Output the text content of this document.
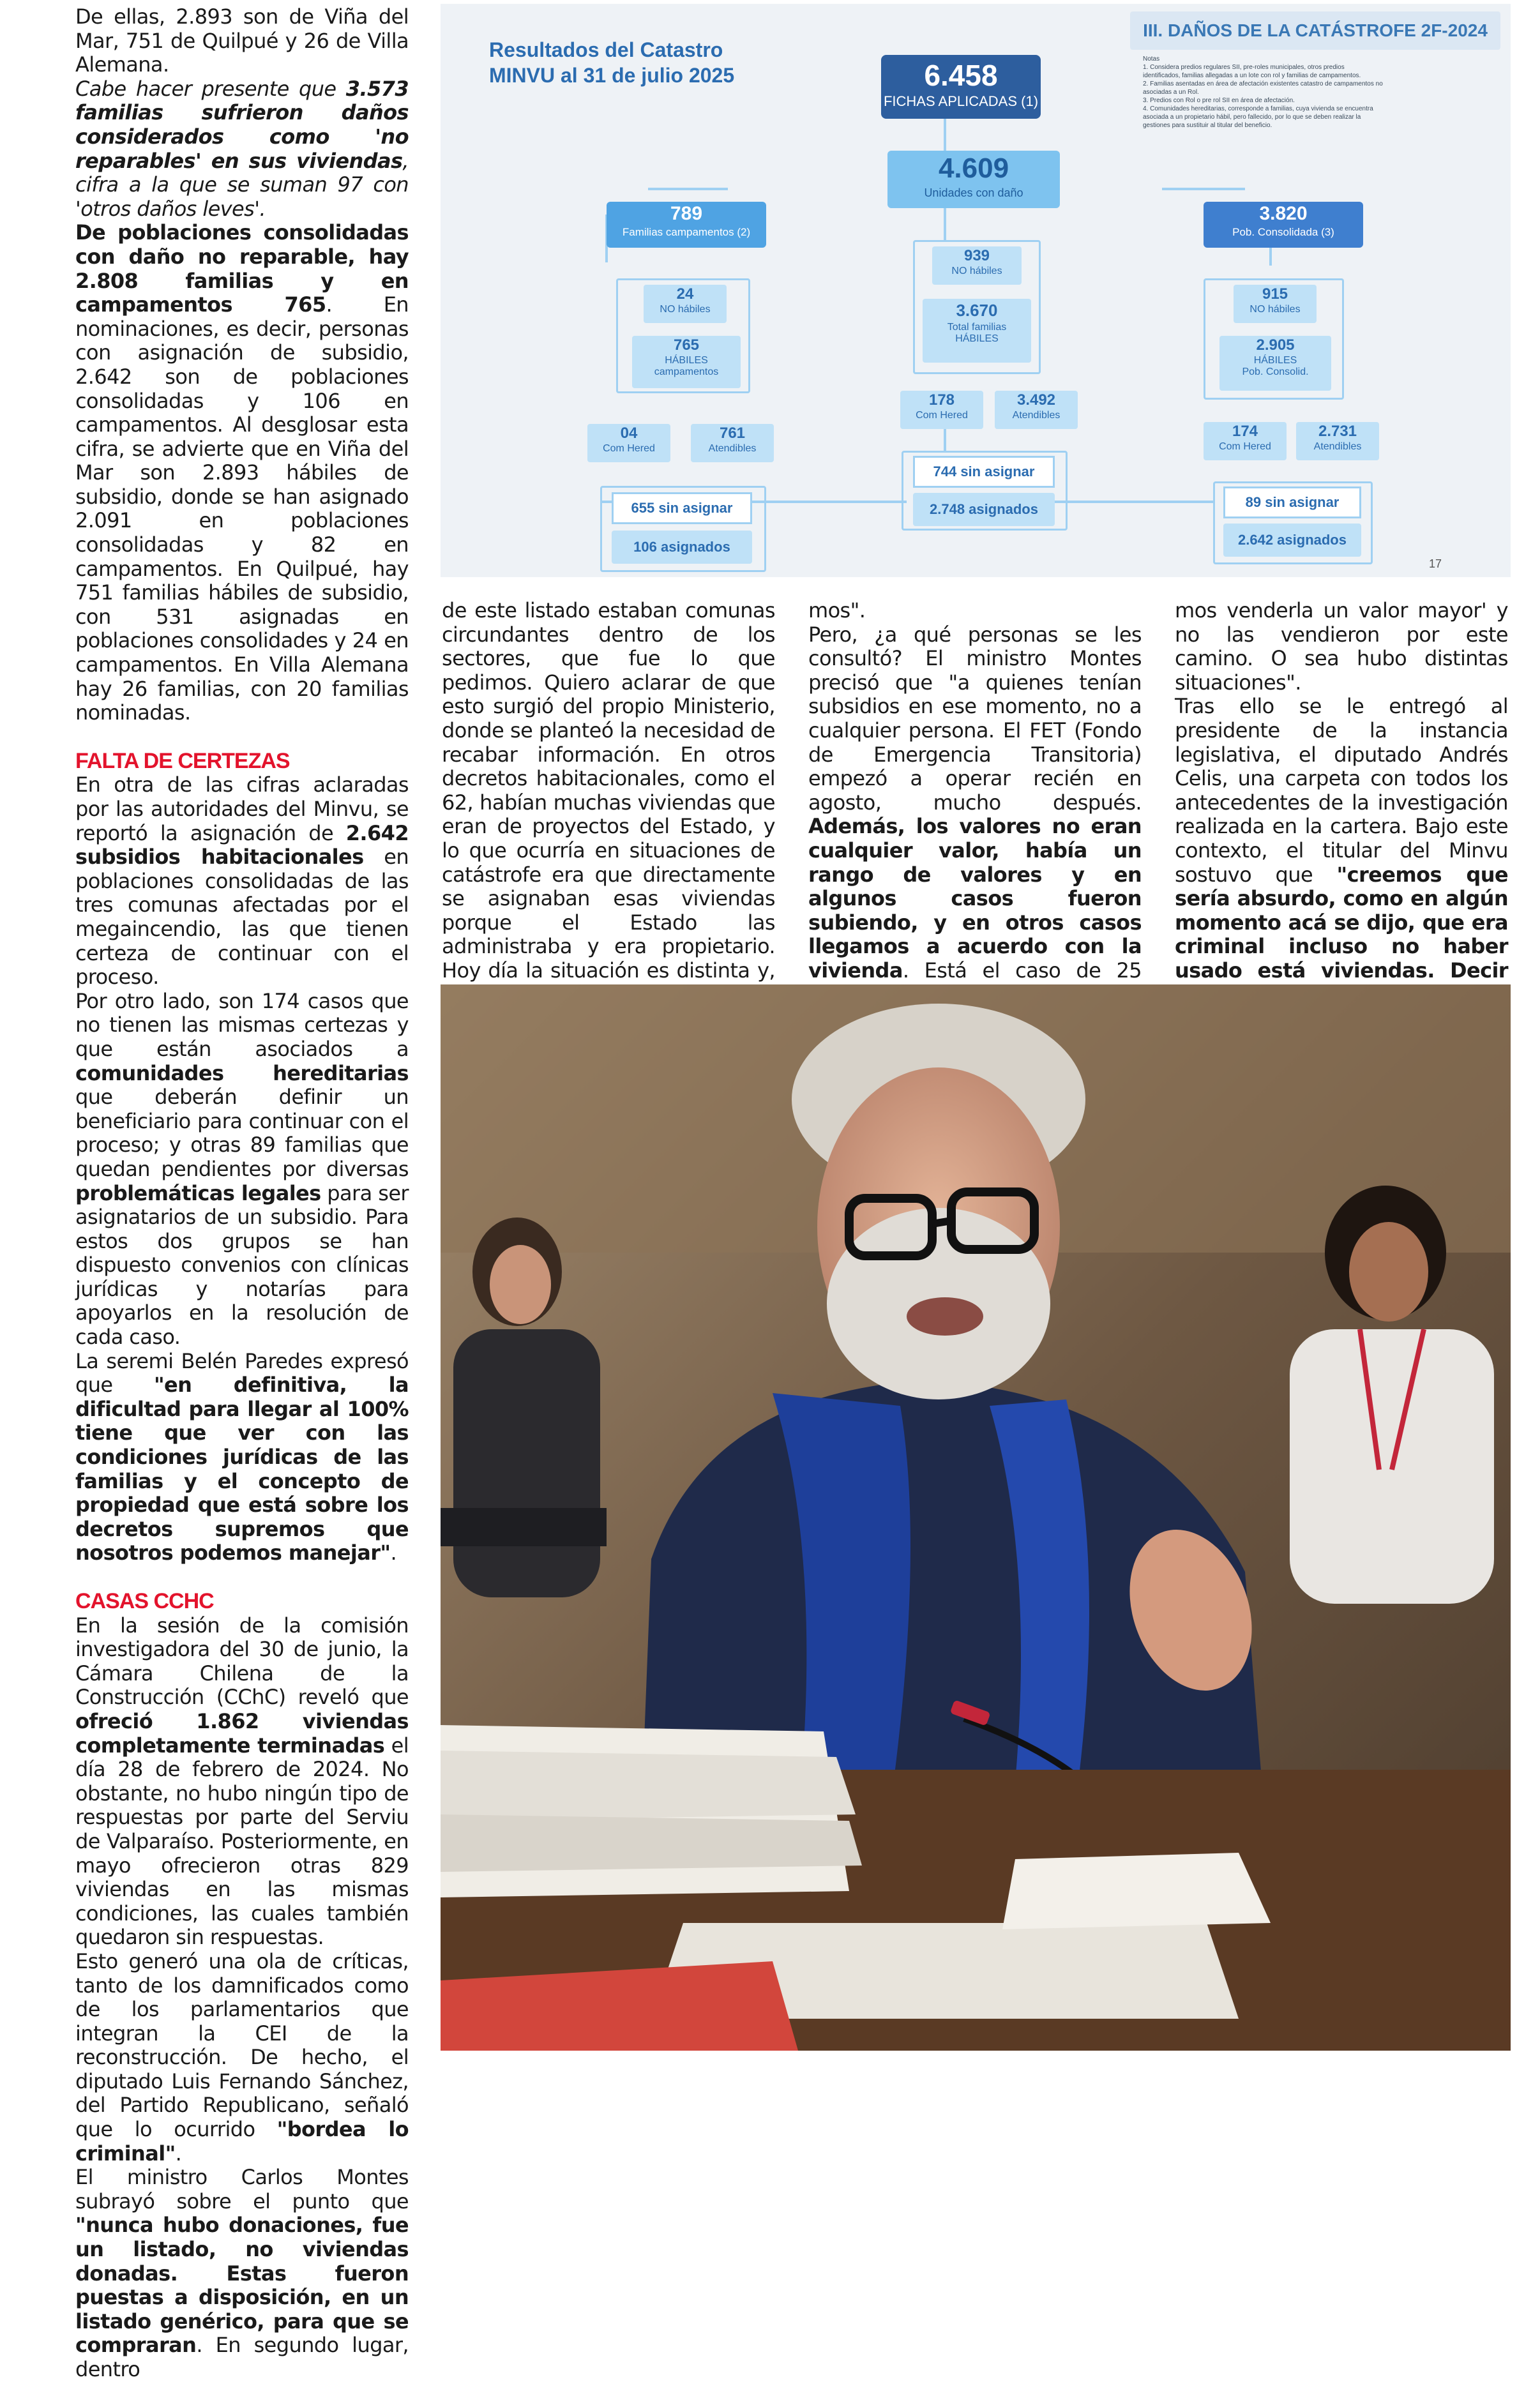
De ellas, 2.893 son de Viña del Mar, 751 de Quilpué y 26 de Villa Alemana.

Cabe hacer presente que 3.573 familias sufrieron daños considerados como 'no reparables' en sus viviendas, cifra a la que se suman 97 con 'otros daños leves'.

De poblaciones consolidadas con daño no reparable, hay 2.808 familias y en campamentos 765. En nominaciones, es decir, personas con asignación de subsidio, 2.642 son de poblaciones consolidadas y 106 en campamentos. Al desglosar esta cifra, se advierte que en Viña del Mar son 2.893 hábiles de subsidio, donde se han asignado 2.091 en poblaciones consolidadas y 82 en campamentos. En Quilpué, hay 751 familias hábiles de subsidio, con 531 asignadas en poblaciones consolidades y 24 en campamentos. En Villa Alemana hay 26 familias, con 20 familias nominadas.

FALTA DE CERTEZAS

En otra de las cifras aclaradas por las autoridades del Minvu, se reportó la asignación de 2.642 subsidios habitacionales en poblaciones consolidadas de las tres comunas afectadas por el megaincendio, las que tienen certeza de continuar con el proceso.

Por otro lado, son 174 casos que no tienen las mismas certezas y que están asociados a comunidades hereditarias que deberán definir un beneficiario para continuar con el proceso; y otras 89 familias que quedan pendientes por diversas problemáticas legales para ser asignatarios de un subsidio. Para estos dos grupos se han dispuesto convenios con clínicas jurídicas y notarías para apoyarlos en la resolución de cada caso.

La seremi Belén Paredes expresó que "en definitiva, la dificultad para llegar al 100% tiene que ver con las condiciones jurídicas de las familias y el concepto de propiedad que está sobre los decretos supremos que nosotros podemos manejar".

CASAS CCHC

En la sesión de la comisión investigadora del 30 de junio, la Cámara Chilena de la Construcción (CChC) reveló que ofreció 1.862 viviendas completamente terminadas el día 28 de febrero de 2024. No obstante, no hubo ningún tipo de respuestas por parte del Serviu de Valparaíso. Posteriormente, en mayo ofrecieron otras 829 viviendas en las mismas condiciones, las cuales también quedaron sin respuestas.

Esto generó una ola de críticas, tanto de los damnificados como de los parlamentarios que integran la CEI de la reconstrucción. De hecho, el diputado Luis Fernando Sánchez, del Partido Republicano, señaló que lo ocurrido "bordea lo criminal".

El ministro Carlos Montes subrayó sobre el punto que "nunca hubo donaciones, fue un listado, no viviendas donadas. Estas fueron puestas a disposición, en un listado genérico, para que se compraran. En segundo lugar, dentro

Resultados del Catastro
MINVU al 31 de julio 2025
III. DAÑOS DE LA CATÁSTROFE 2F-2024
Notas
1. Considera predios regulares SII, pre-roles municipales, otros predios
identificados, familias allegadas a un lote con rol y familias de campamentos.
2. Familias asentadas en área de afectación existentes catastro de campamentos no
asociadas a un Rol.
3. Predios con Rol o pre rol SII en área de afectación.
4. Comunidades hereditarias, corresponde a familias, cuya vivienda se encuentra
asociada a un propietario hábil, pero fallecido, por lo que se deben realizar la
gestiones para sustituir al titular del beneficio.
6.458
FICHAS APLICADAS (1)
4.609
Unidades con daño
789
Familias campamentos (2)
3.820
Pob. Consolidada (3)
24
NO hábiles
765
HÁBILES
campamentos
04
Com Hered
761
Atendibles
655 sin asignar
106 asignados
939
NO hábiles
3.670
Total familias
HÁBILES
178
Com Hered
3.492
Atendibles
744 sin asignar
2.748 asignados
915
NO hábiles
2.905
HÁBILES
Pob. Consolid.
174
Com Hered
2.731
Atendibles
89 sin asignar
2.642 asignados
17

de este listado estaban comunas circundantes dentro de los sectores, que fue lo que pedimos. Quiero aclarar de que esto surgió del propio Ministerio, donde se planteó la necesidad de recabar información. En otros decretos habitacionales, como el 62, habían muchas viviendas que eran de proyectos del Estado, y lo que ocurría en situaciones de catástrofe era que directamente se asignaban esas viviendas porque el Estado las administraba y era propietario. Hoy día la situación es distinta y,

mos".

Pero, ¿a qué personas se les consultó? El ministro Montes precisó que "a quienes tenían subsidios en ese momento, no a cualquier persona. El FET (Fondo de Emergencia Transitoria) empezó a operar recién en agosto, mucho después. Además, los valores no eran cualquier valor, había un rango de valores y en algunos casos fueron subiendo, y en otros casos llegamos a acuerdo con la vivienda. Está el caso de 25

mos venderla un valor mayor' y no las vendieron por este camino. O sea hubo distintas situaciones".

Tras ello se le entregó al presidente de la instancia legislativa, el diputado Andrés Celis, una carpeta con todos los antecedentes de la investigación realizada en la cartera. Bajo este contexto, el titular del Minvu sostuvo que "creemos que sería absurdo, como en algún momento acá se dijo, que era criminal incluso no haber usado está viviendas. Decir
